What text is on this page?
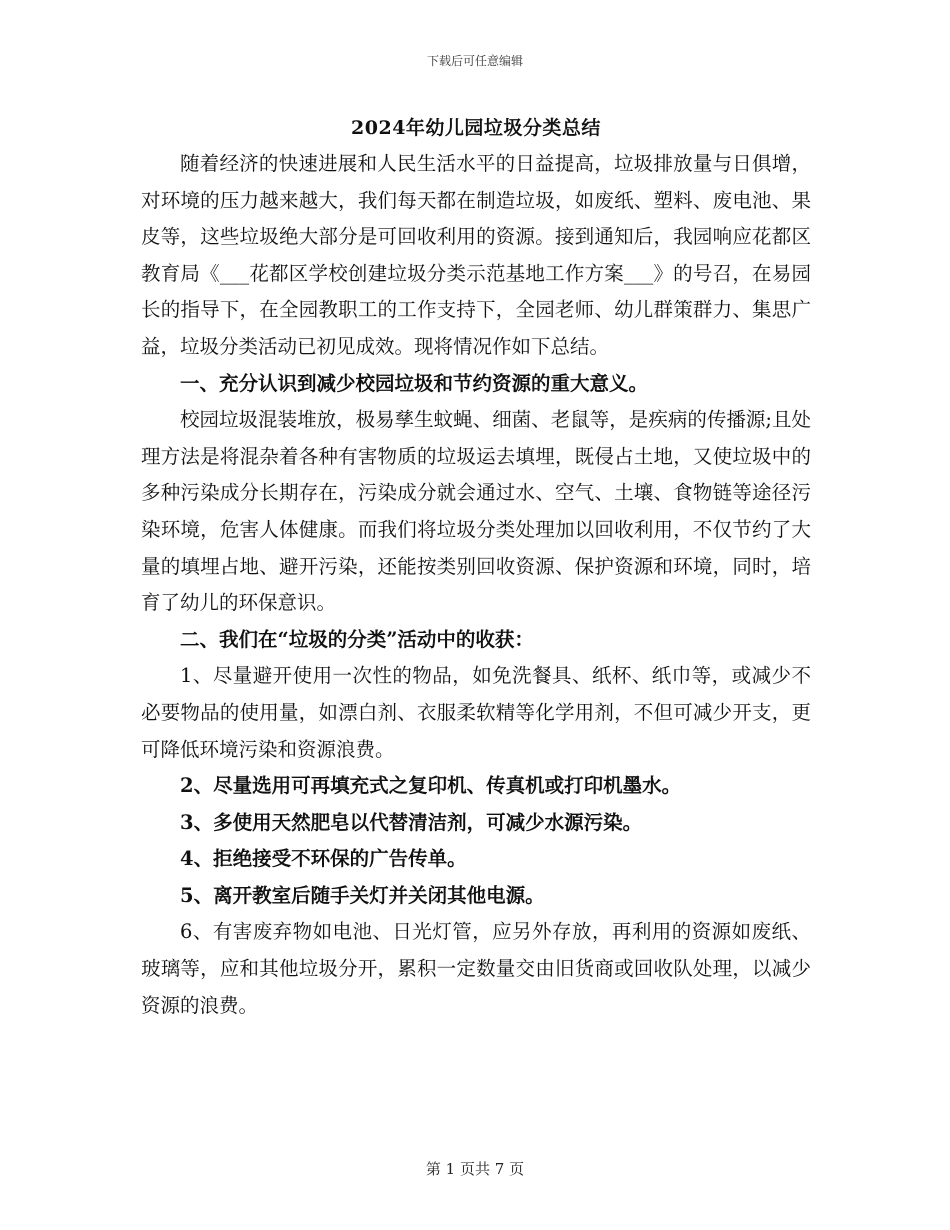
下载后可任意编辑
2024年幼儿园垃圾分类总结

随着经济的快速进展和人民生活水平的日益提高，垃圾排放量与日俱增，对环境的压力越来越大，我们每天都在制造垃圾，如废纸、塑料、废电池、果皮等，这些垃圾绝大部分是可回收利用的资源。接到通知后，我园响应花都区教育局《___花都区学校创建垃圾分类示范基地工作方案___》的号召，在易园长的指导下，在全园教职工的工作支持下，全园老师、幼儿群策群力、集思广益，垃圾分类活动已初见成效。现将情况作如下总结。

一、充分认识到减少校园垃圾和节约资源的重大意义。

校园垃圾混装堆放，极易孳生蚊蝇、细菌、老鼠等，是疾病的传播源;且处理方法是将混杂着各种有害物质的垃圾运去填埋，既侵占土地，又使垃圾中的多种污染成分长期存在，污染成分就会通过水、空气、土壤、食物链等途径污染环境，危害人体健康。而我们将垃圾分类处理加以回收利用，不仅节约了大量的填埋占地、避开污染，还能按类别回收资源、保护资源和环境，同时，培育了幼儿的环保意识。

二、我们在“垃圾的分类”活动中的收获：

1、尽量避开使用一次性的物品，如免洗餐具、纸杯、纸巾等，或减少不必要物品的使用量，如漂白剂、衣服柔软精等化学用剂，不但可减少开支，更可降低环境污染和资源浪费。

2、尽量选用可再填充式之复印机、传真机或打印机墨水。

3、多使用天然肥皂以代替清洁剂，可减少水源污染。

4、拒绝接受不环保的广告传单。

5、离开教室后随手关灯并关闭其他电源。

6、有害废弃物如电池、日光灯管，应另外存放，再利用的资源如废纸、玻璃等，应和其他垃圾分开，累积一定数量交由旧货商或回收队处理，以减少资源的浪费。

第 1 页共 7 页
